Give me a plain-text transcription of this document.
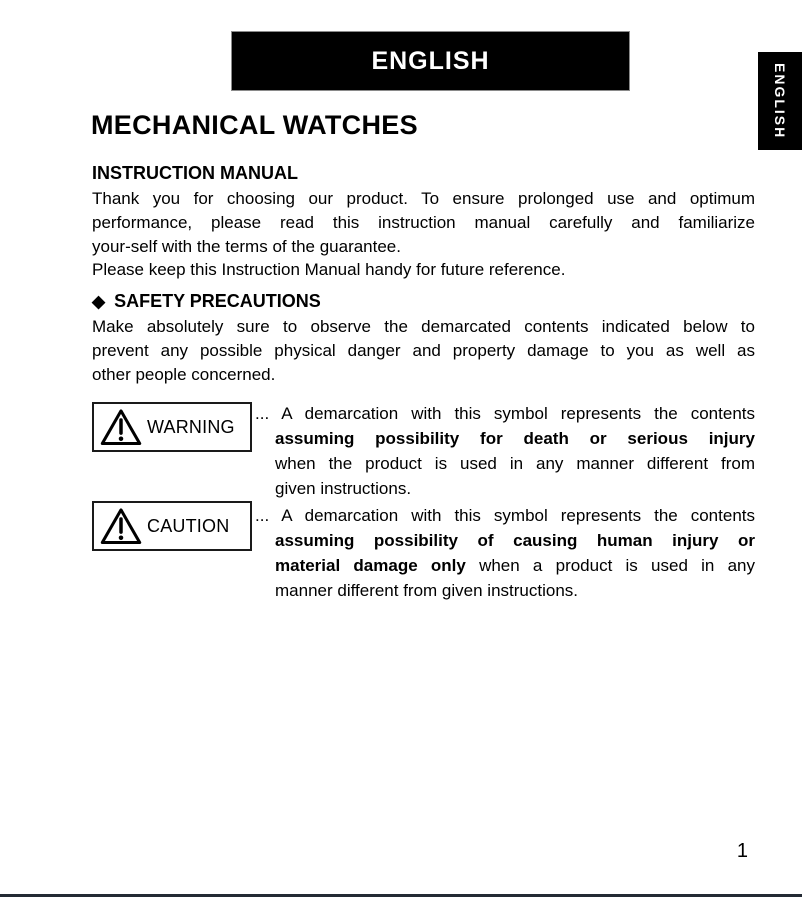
ENGLISH
ENGLISH
MECHANICAL WATCHES
INSTRUCTION MANUAL
Thank you for choosing our product. To ensure prolonged use and optimum
performance, please read this instruction manual carefully and familiarize
your-self with the terms of the guarantee.
Please keep this Instruction Manual handy for future reference.
◆ SAFETY PRECAUTIONS
Make absolutely sure to observe the demarcated contents indicated below to
prevent any possible physical danger and property damage to you as well as
other people concerned.
WARNING
... A demarcation with this symbol represents the contents
assuming possibility for death or serious injury
when the product is used in any manner different from
given instructions.
CAUTION ... A demarcation with this symbol represents the contents
assuming possibility of causing human injury or
material damage only when a product is used in any
manner different from given instructions.
1
